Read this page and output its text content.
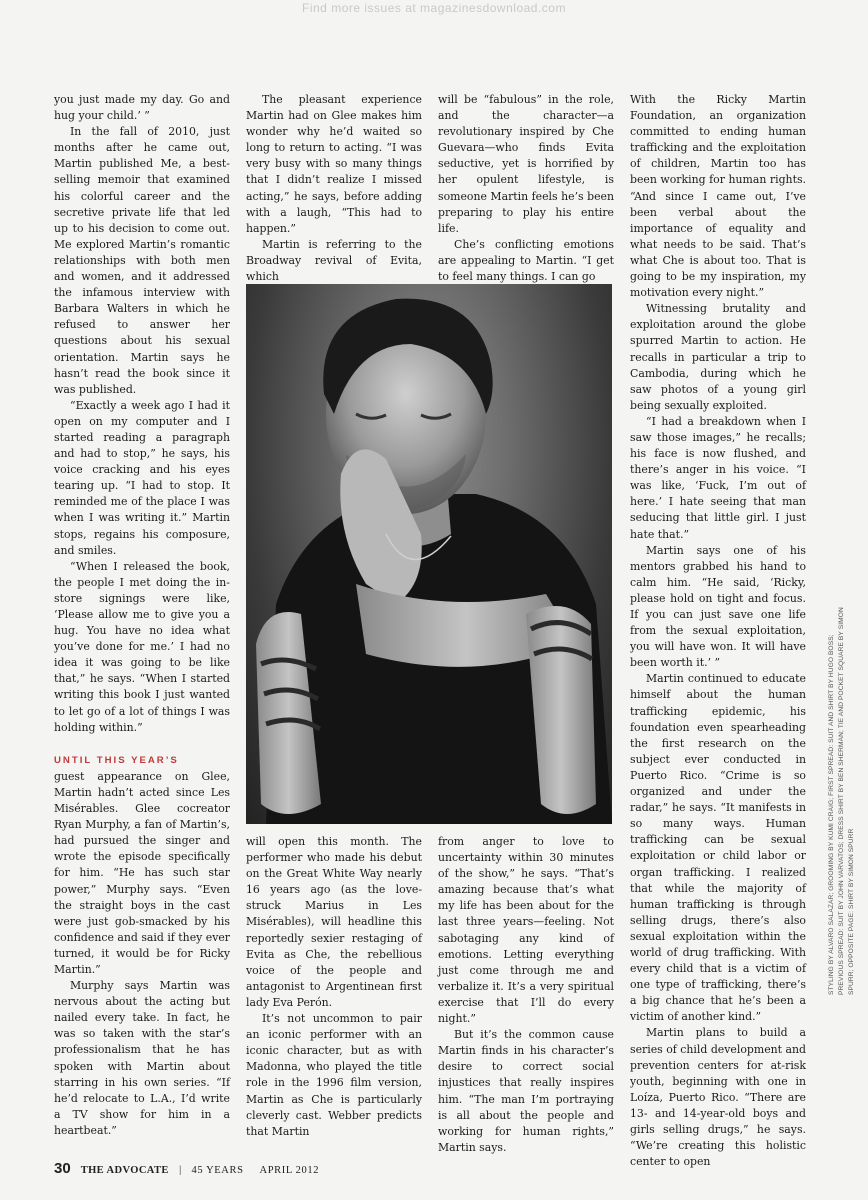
Find more issues at magazinesdownload.com

you just made my day. Go and hug your child.’ ”

In the fall of 2010, just months after he came out, Martin published Me, a best-selling memoir that examined his colorful career and the secretive private life that led up to his decision to come out. Me explored Martin’s romantic relationships with both men and women, and it addressed the infamous interview with Barbara Walters in which he refused to answer her questions about his sexual orientation. Martin says he hasn’t read the book since it was published.

“Exactly a week ago I had it open on my computer and I started reading a paragraph and had to stop,” he says, his voice cracking and his eyes tearing up. “I had to stop. It reminded me of the place I was when I was writing it.” Martin stops, regains his composure, and smiles.

“When I released the book, the people I met doing the in-store signings were like, ‘Please allow me to give you a hug. You have no idea what you’ve done for me.’ I had no idea it was going to be like that,” he says. “When I started writing this book I just wanted to let go of a lot of things I was holding within.”

UNTIL THIS YEAR’S

guest appearance on Glee, Martin hadn’t acted since Les Misérables. Glee cocreator Ryan Murphy, a fan of Martin’s, had pursued the singer and wrote the episode specifically for him. “He has such star power,” Murphy says. “Even the straight boys in the cast were just gob-smacked by his confidence and said if they ever turned, it would be for Ricky Martin.”

Murphy says Martin was nervous about the acting but nailed every take. In fact, he was so taken with the star’s professionalism that he has spoken with Martin about starring in his own series. “If he’d relocate to L.A., I’d write a TV show for him in a heartbeat.”

The pleasant experience Martin had on Glee makes him wonder why he’d waited so long to return to acting. “I was very busy with so many things that I didn’t realize I missed acting,” he says, before adding with a laugh, “This had to happen.”

Martin is referring to the Broadway revival of Evita, which

will be “fabulous” in the role, and the character—a revolutionary inspired by Che Guevara—who finds Evita seductive, yet is horrified by her opulent lifestyle, is someone Martin feels he’s been preparing to play his entire life.

Che’s conflicting emotions are appealing to Martin. “I get to feel many things. I can go

will open this month. The performer who made his debut on the Great White Way nearly 16 years ago (as the love-struck Marius in Les Misérables), will headline this reportedly sexier restaging of Evita as Che, the rebellious voice of the people and antagonist to Argentinean first lady Eva Perón.

It’s not uncommon to pair an iconic performer with an iconic character, but as with Madonna, who played the title role in the 1996 film version, Martin as Che is particularly cleverly cast. Webber predicts that Martin

from anger to love to uncertainty within 30 minutes of the show,” he says. “That’s amazing because that’s what my life has been about for the last three years—feeling. Not sabotaging any kind of emotions. Letting everything just come through me and verbalize it. It’s a very spiritual exercise that I’ll do every night.”

But it’s the common cause Martin finds in his character’s desire to correct social injustices that really inspires him. “The man I’m portraying is all about the people and working for human rights,” Martin says.

With the Ricky Martin Foundation, an organization committed to ending human trafficking and the exploitation of children, Martin too has been working for human rights. “And since I came out, I’ve been verbal about the importance of equality and what needs to be said. That’s what Che is about too. That is going to be my inspiration, my motivation every night.”

Witnessing brutality and exploitation around the globe spurred Martin to action. He recalls in particular a trip to Cambodia, during which he saw photos of a young girl being sexually exploited.

“I had a breakdown when I saw those images,” he recalls; his face is now flushed, and there’s anger in his voice. “I was like, ‘Fuck, I’m out of here.’ I hate seeing that man seducing that little girl. I just hate that.”

Martin says one of his mentors grabbed his hand to calm him. “He said, ‘Ricky, please hold on tight and focus. If you can just save one life from the sexual exploitation, you will have won. It will have been worth it.’ ”

Martin continued to educate himself about the human trafficking epidemic, his foundation even spearheading the first research on the subject ever conducted in Puerto Rico. “Crime is so organized and under the radar,” he says. “It manifests in so many ways. Human trafficking can be sexual exploitation or child labor or organ trafficking. I realized that while the majority of human trafficking is through selling drugs, there’s also sexual exploitation within the world of drug trafficking. With every child that is a victim of one type of trafficking, there’s a big chance that he’s been a victim of another kind.”

Martin plans to build a series of child development and prevention centers for at-risk youth, beginning with one in Loíza, Puerto Rico. “There are 13- and 14-year-old boys and girls selling drugs,” he says. “We’re creating this holistic center to open

STYLING BY ALVARO SALAZAR; GROOMING BY KUMI CRAIG; FIRST SPREAD: SUIT AND SHIRT BY HUGO BOSS; PREVIOUS SPREAD: SUIT BY JOHN VARVATOS; DRESS SHIRT BY BEN SHERMAN; TIE AND POCKET SQUARE BY SIMON SPURR; OPPOSITE PAGE: SHIRT BY SIMON SPURR
30 THE ADVOCATE | 45 YEARS APRIL 2012
